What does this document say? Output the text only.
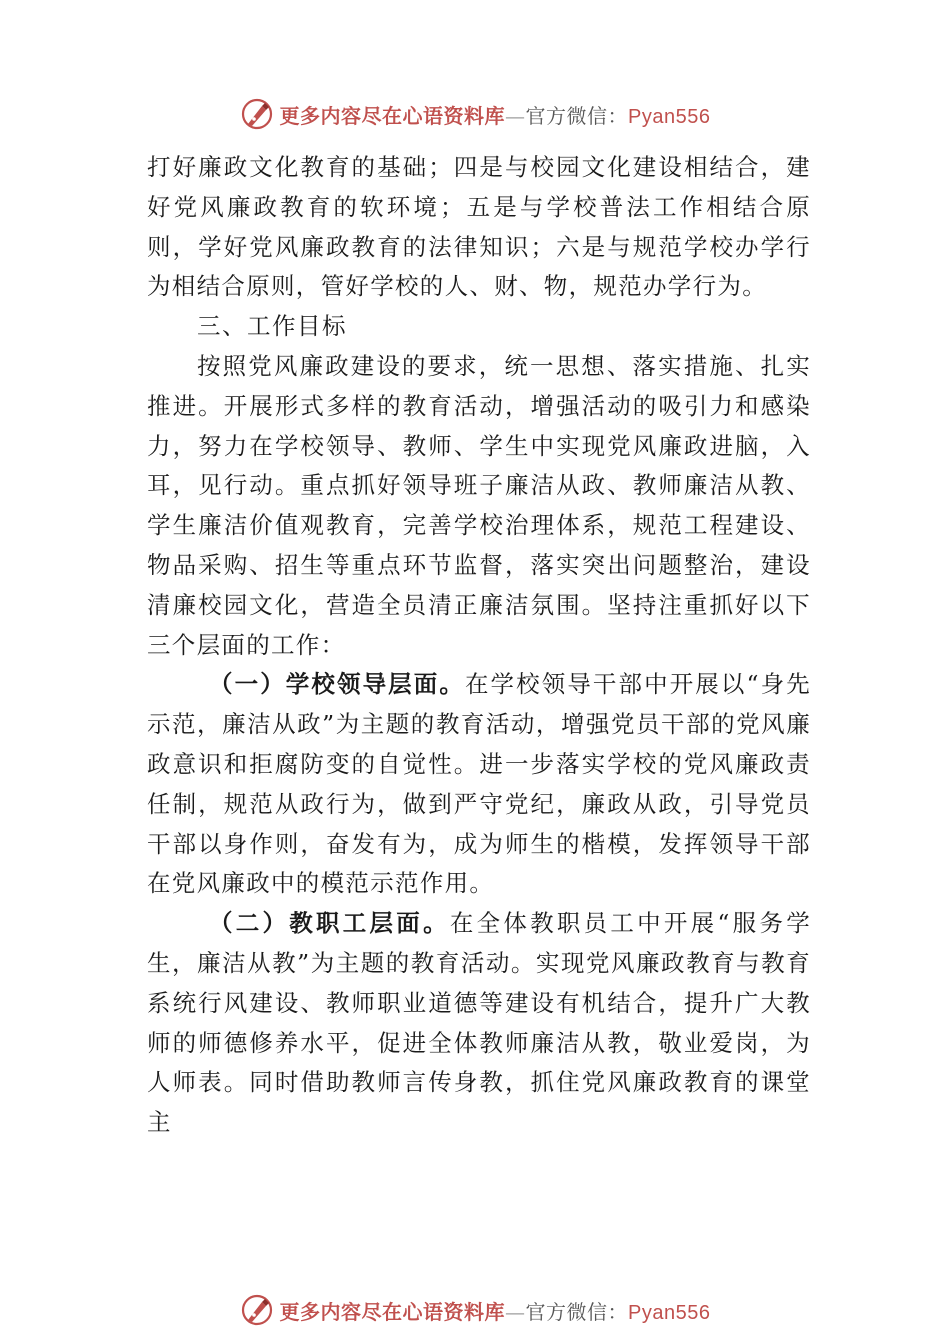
更多内容尽在心语资料库—官方微信：Pyan556

打好廉政文化教育的基础；四是与校园文化建设相结合，建好党风廉政教育的软环境；五是与学校普法工作相结合原则，学好党风廉政教育的法律知识；六是与规范学校办学行为相结合原则，管好学校的人、财、物，规范办学行为。

三、工作目标

按照党风廉政建设的要求，统一思想、落实措施、扎实推进。开展形式多样的教育活动，增强活动的吸引力和感染力，努力在学校领导、教师、学生中实现党风廉政进脑，入耳，见行动。重点抓好领导班子廉洁从政、教师廉洁从教、学生廉洁价值观教育，完善学校治理体系，规范工程建设、物品采购、招生等重点环节监督，落实突出问题整治，建设清廉校园文化，营造全员清正廉洁氛围。坚持注重抓好以下三个层面的工作：

（一）学校领导层面。在学校领导干部中开展以“身先示范，廉洁从政”为主题的教育活动，增强党员干部的党风廉政意识和拒腐防变的自觉性。进一步落实学校的党风廉政责任制，规范从政行为，做到严守党纪，廉政从政，引导党员干部以身作则，奋发有为，成为师生的楷模，发挥领导干部在党风廉政中的模范示范作用。

（二）教职工层面。在全体教职员工中开展“服务学生，廉洁从教”为主题的教育活动。实现党风廉政教育与教育系统行风建设、教师职业道德等建设有机结合，提升广大教师的师德修养水平，促进全体教师廉洁从教，敬业爱岗，为人师表。同时借助教师言传身教，抓住党风廉政教育的课堂主

更多内容尽在心语资料库—官方微信：Pyan556
